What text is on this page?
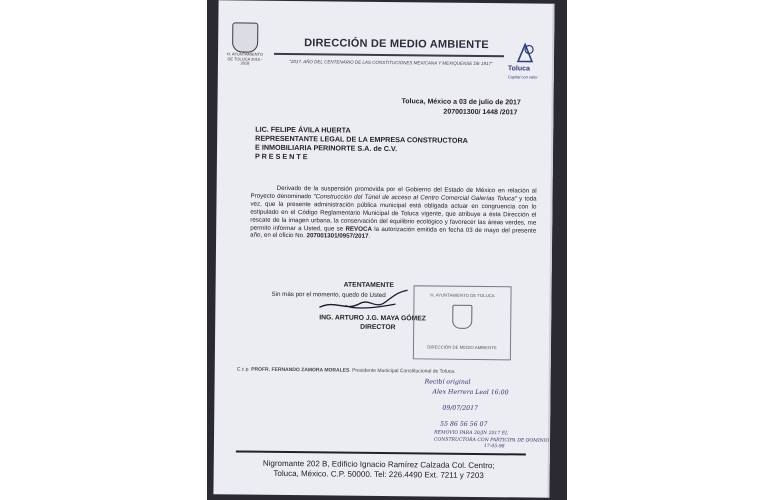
H. AYUNTAMIENTO DE TOLUCA 2016 - 2018
DIRECCIÓN DE MEDIO AMBIENTE
"2017. AÑO DEL CENTENARIO DE LAS CONSTITUCIONES MEXICANA Y MEXIQUENSE DE 1917"
Toluca
Capital con valor
Toluca, México a 03 de julio de 2017
207001300/ 1448 /2017
LIC. FELIPE ÁVILA HUERTA
REPRESENTANTE LEGAL DE LA EMPRESA CONSTRUCTORA
E INMOBILIARIA PERINORTE S.A. de C.V.
P R E S E N T E
Derivado de la suspensión promovida por el Gobierno del Estado de México en relación al Proyecto denominado "Construcción del Túnel de acceso al Centro Comercial Galerías Toluca" y toda vez, que la presente administración pública municipal está obligada actuar en congruencia con lo estipulado en el Código Reglamentario Municipal de Toluca vigente, que atribuye a ésta Dirección el rescate de la imagen urbana, la conservación del equilibrio ecológico y favorecer las áreas verdes, me permito informar a Usted, que se REVOCA la autorización emitida en fecha 03 de mayo del presente año, en el oficio No. 207001301/0957/2017.
Sin más por el momento, quedo de Usted
ATENTAMENTE
ING. ARTURO J.G. MAYA GÓMEZ
DIRECTOR
H. AYUNTAMIENTO DE TOLUCA
DIRECCIÓN DE MEDIO AMBIENTE
C.c.p. PROFR. FERNANDO ZAMORA MORALES. Presidente Municipal Constitucional de Toluca.
Recibí original
Alex Herrera Leal 16:00
09/07/2017
55 86 56 56 07
REMOVIO PARA 30/JN 2017 EL
CONSTRUCTORA CON PARTICIPA DE DOMINIO
17-05-98
Nigromante 202 B, Edificio Ignacio Ramírez Calzada Col. Centro;
Toluca, México. C.P. 50000. Tel: 226.4490 Ext. 7211 y 7203
